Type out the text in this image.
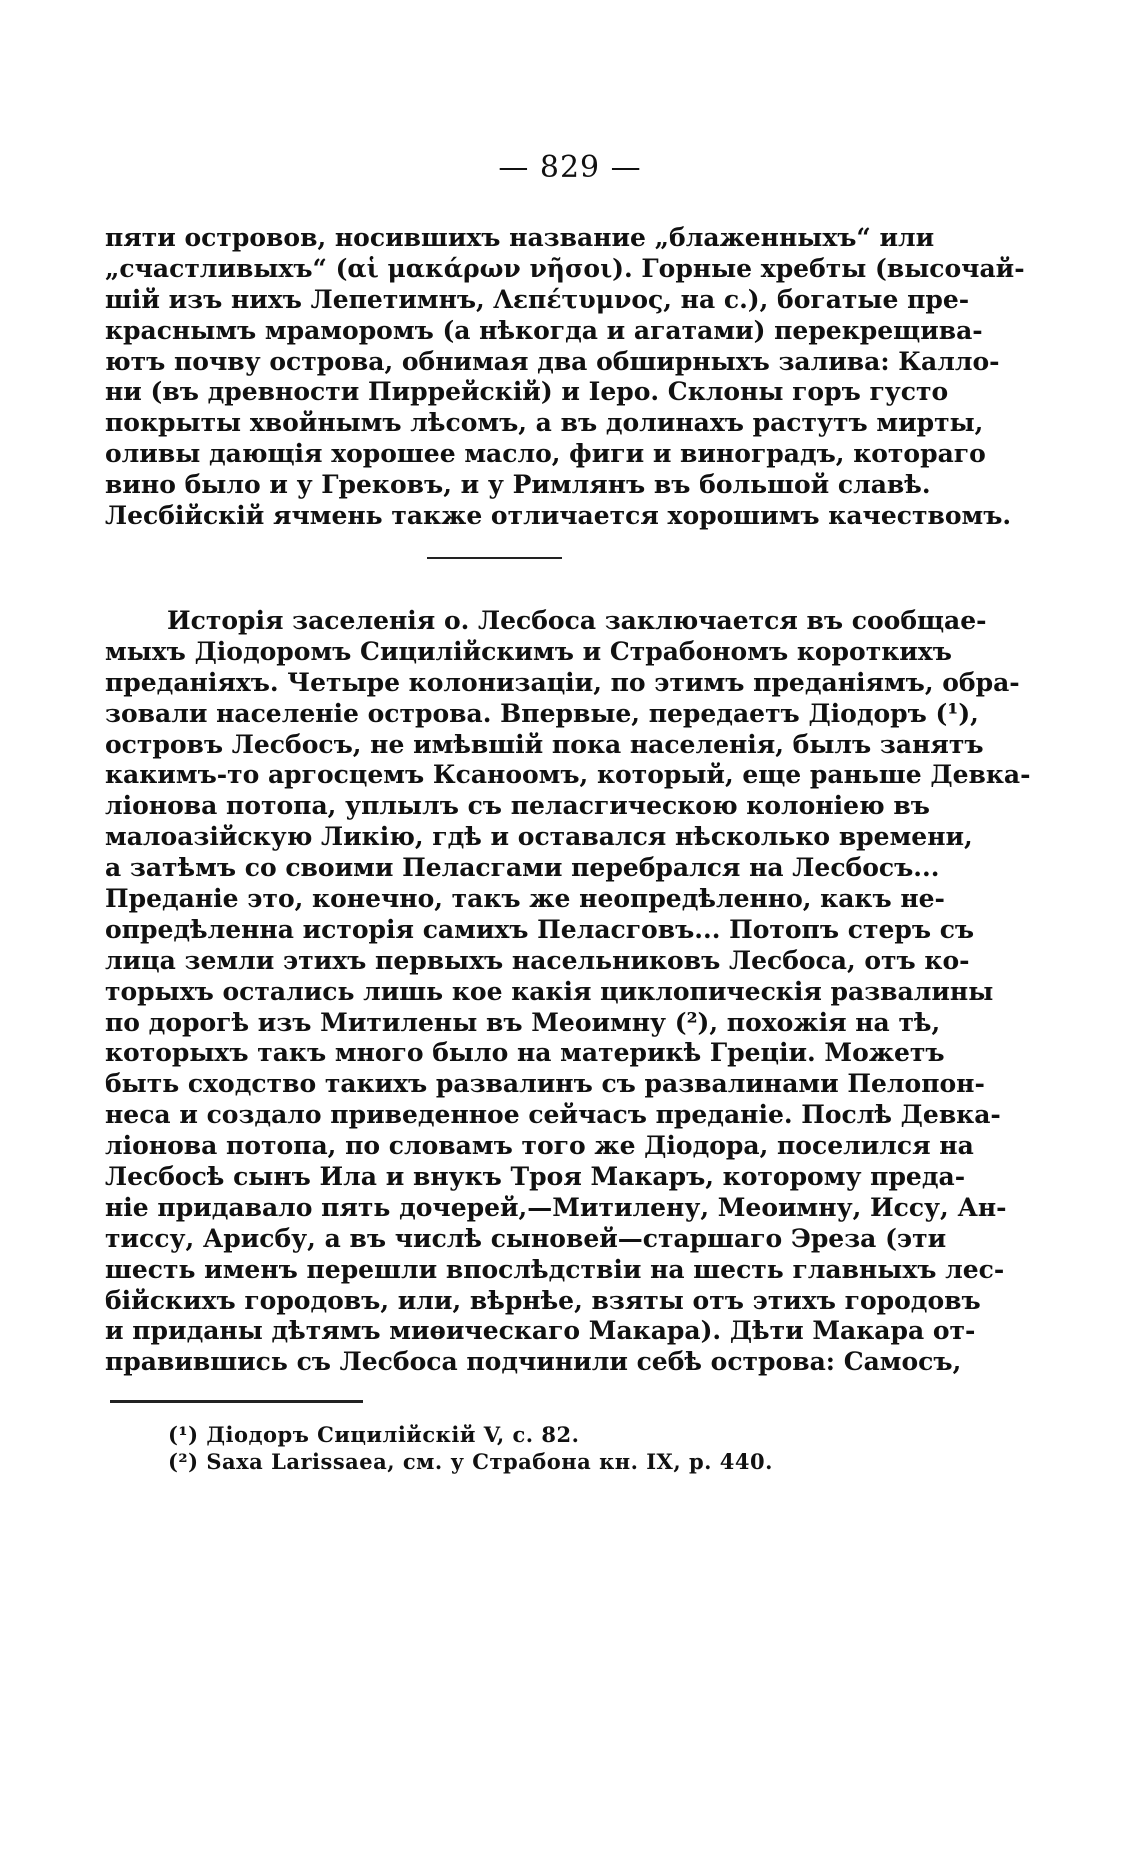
— 829 —
пяти островов, носившихъ название „блаженныхъ“ или
„счастливыхъ“ (αἱ μακάρων νῆσοι). Горные хребты (высочай-
шій изъ нихъ Лепетимнъ, Λεπέτυμνος, на с.), богатые пре-
краснымъ мраморомъ (а нѣкогда и агатами) перекрещива-
ютъ почву острова, обнимая два обширныхъ залива: Калло-
ни (въ древности Пиррейскій) и Іеро. Склоны горъ густо
покрыты хвойнымъ лѣсомъ, а въ долинахъ растутъ мирты,
оливы дающія хорошее масло, фиги и виноградъ, котораго
вино было и у Грековъ, и у Римлянъ въ большой славѣ.
Лесбійскій ячмень также отличается хорошимъ качествомъ.
Исторія заселенія о. Лесбоса заключается въ сообщае-
мыхъ Діодоромъ Сицилійскимъ и Страбономъ короткихъ
преданіяхъ. Четыре колонизаціи, по этимъ преданіямъ, обра-
зовали населеніе острова. Впервые, передаетъ Діодоръ (¹),
островъ Лесбосъ, не имѣвшій пока населенія, былъ занятъ
какимъ-то аргосцемъ Ксаноомъ, который, еще раньше Девка-
ліонова потопа, уплылъ съ пеласгическою колоніею въ
малоазійскую Ликію, гдѣ и оставался нѣсколько времени,
а затѣмъ со своими Пеласгами перебрался на Лесбосъ...
Преданіе это, конечно, такъ же неопредѣленно, какъ не-
опредѣленна исторія самихъ Пеласговъ... Потопъ стеръ съ
лица земли этихъ первыхъ насельниковъ Лесбоса, отъ ко-
торыхъ остались лишь кое какія циклопическія развалины
по дорогѣ изъ Митилены въ Меоимну (²), похожія на тѣ,
которыхъ такъ много было на материкѣ Греціи. Можетъ
быть сходство такихъ развалинъ съ развалинами Пелопон-
неса и создало приведенное сейчасъ преданіе. Послѣ Девка-
ліонова потопа, по словамъ того же Діодора, поселился на
Лесбосѣ сынъ Ила и внукъ Троя Макаръ, которому преда-
ніе придавало пять дочерей,—Митилену, Меоимну, Иссу, Ан-
тиссу, Арисбу, а въ числѣ сыновей—старшаго Эреза (эти
шесть именъ перешли впослѣдствіи на шесть главныхъ лес-
бійскихъ городовъ, или, вѣрнѣе, взяты отъ этихъ городовъ
и приданы дѣтямъ миѳическаго Макара). Дѣти Макара от-
правившись съ Лесбоса подчинили себѣ острова: Самосъ,
(¹) Діодоръ Сицилійскій V, с. 82.
(²) Saxa Larissaea, см. у Страбона кн. IX, p. 440.
